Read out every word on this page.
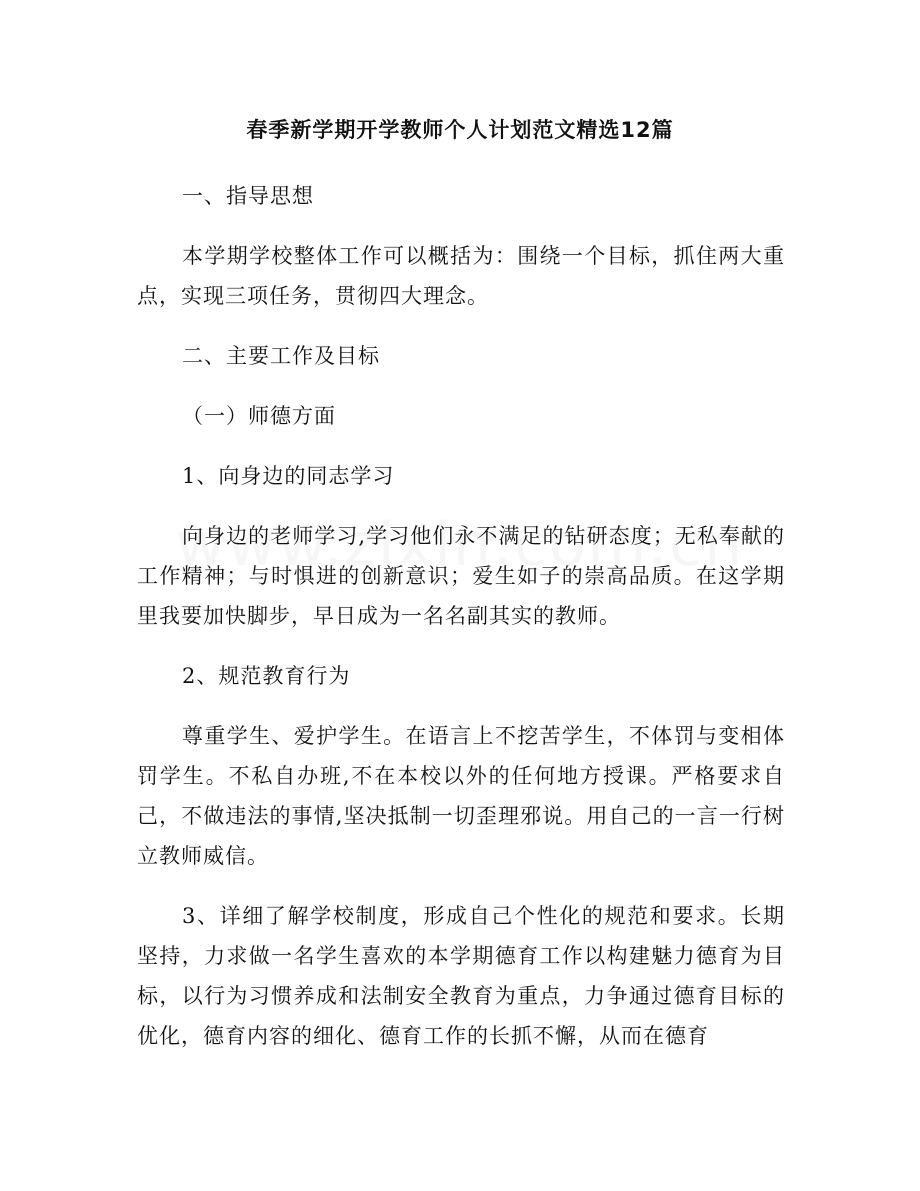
春季新学期开学教师个人计划范文精选12篇

一、指导思想

本学期学校整体工作可以概括为：围绕一个目标，抓住两大重点，实现三项任务，贯彻四大理念。

二、主要工作及目标

（一）师德方面

1、向身边的同志学习

向身边的老师学习,学习他们永不满足的钻研态度；无私奉献的工作精神；与时惧进的创新意识；爱生如子的崇高品质。在这学期里我要加快脚步，早日成为一名名副其实的教师。

2、规范教育行为

尊重学生、爱护学生。在语言上不挖苦学生，不体罚与变相体罚学生。不私自办班,不在本校以外的任何地方授课。严格要求自己，不做违法的事情,坚决抵制一切歪理邪说。用自己的一言一行树立教师威信。

3、详细了解学校制度，形成自己个性化的规范和要求。长期坚持，力求做一名学生喜欢的本学期德育工作以构建魅力德育为目标，以行为习惯养成和法制安全教育为重点，力争通过德育目标的优化，德育内容的细化、德育工作的长抓不懈，从而在德育
